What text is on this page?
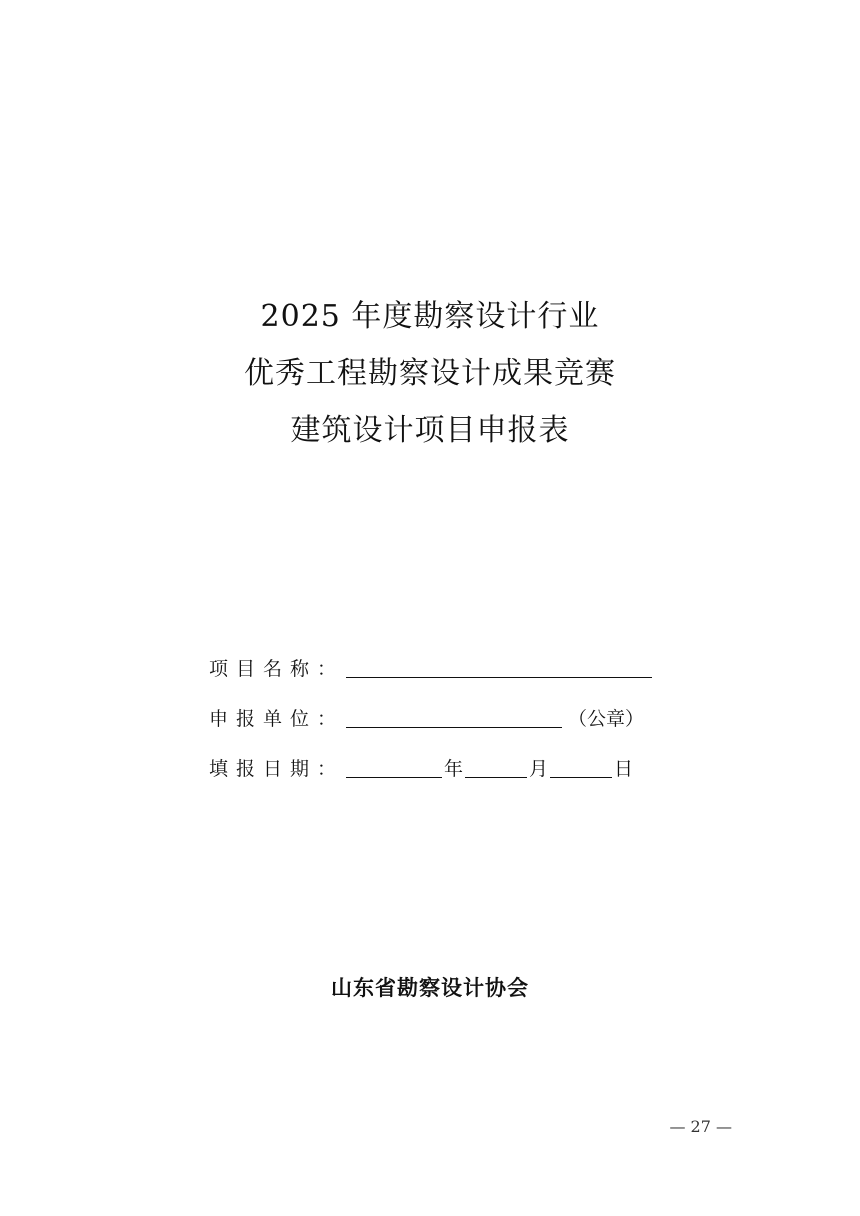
2025 年度勘察设计行业
优秀工程勘察设计成果竞赛
建筑设计项目申报表
项目名称：
申报单位：	（公章）
填报日期：	年	月	日
山东省勘察设计协会
— 27 —
